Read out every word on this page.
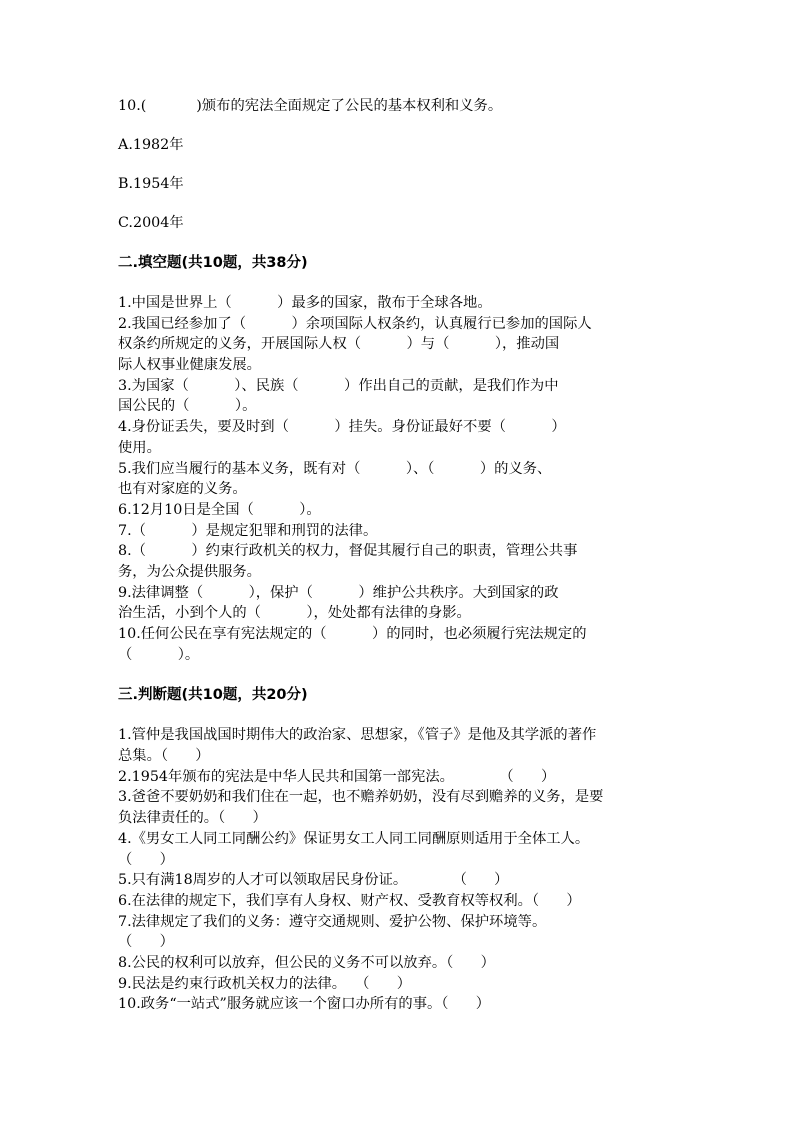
10.(           )颁布的宪法全面规定了公民的基本权利和义务。

A.1982年

B.1954年

C.2004年

二.填空题(共10题，共38分)

1.中国是世界上（          ）最多的国家，散布于全球各地。

2.我国已经参加了（          ）余项国际人权条约，认真履行已参加的国际人

权条约所规定的义务，开展国际人权（          ）与（          ），推动国

际人权事业健康发展。

3.为国家（          ）、民族（          ）作出自己的贡献，是我们作为中

国公民的（          ）。

4.身份证丢失，要及时到（          ）挂失。身份证最好不要（          ）

使用。

5.我们应当履行的基本义务，既有对（          ）、（          ）的义务、

也有对家庭的义务。

6.12月10日是全国（          ）。

7.（          ）是规定犯罪和刑罚的法律。

8.（          ）约束行政机关的权力，督促其履行自己的职责，管理公共事

务，为公众提供服务。

9.法律调整（          ），保护（          ）维护公共秩序。大到国家的政

治生活，小到个人的（          ），处处都有法律的身影。

10.任何公民在享有宪法规定的（          ）的同时，也必须履行宪法规定的

（          ）。

三.判断题(共10题，共20分)

1.管仲是我国战国时期伟大的政治家、思想家，《管子》是他及其学派的著作

总集。（      ）

2.1954年颁布的宪法是中华人民共和国第一部宪法。          （      ）

3.爸爸不要奶奶和我们住在一起，也不赡养奶奶，没有尽到赡养的义务，是要

负法律责任的。（      ）

4.《男女工人同工同酬公约》保证男女工人同工同酬原则适用于全体工人。

（      ）

5.只有满18周岁的人才可以领取居民身份证。          （      ）

6.在法律的规定下，我们享有人身权、财产权、受教育权等权利。（      ）

7.法律规定了我们的义务：遵守交通规则、爱护公物、保护环境等。

（      ）

8.公民的权利可以放弃，但公民的义务不可以放弃。（      ）

9.民法是约束行政机关权力的法律。  （      ）

10.政务“一站式”服务就应该一个窗口办所有的事。（      ）
